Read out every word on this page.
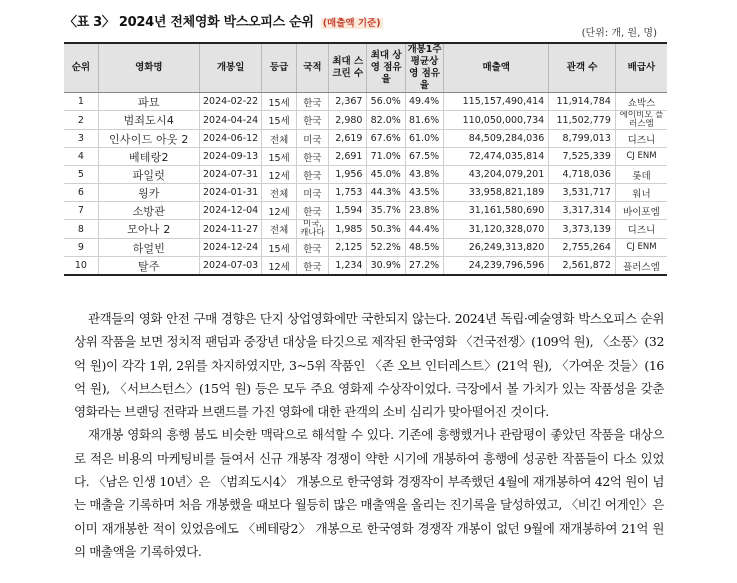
〈표 3〉 2024년 전체영화 박스오피스 순위 (매출액 기준)
(단위: 개, 원, 명)
순위	영화명	개봉일	등급	국적	최대 스크린 수	최대 상영 점유율	개봉1주 평균상영 점유율	매출액	관객 수	배급사
1	파묘	2024-02-22	15세	한국	2,367	56.0%	49.4%	115,157,490,414	11,914,784	쇼박스
2	범죄도시4	2024-04-24	15세	한국	2,980	82.0%	81.6%	110,050,000,734	11,502,779	에이비오 플러스엠
3	인사이드 아웃 2	2024-06-12	전체	미국	2,619	67.6%	61.0%	84,509,284,036	8,799,013	디즈니
4	베테랑2	2024-09-13	15세	한국	2,691	71.0%	67.5%	72,474,035,814	7,525,339	CJ ENM
5	파일럿	2024-07-31	12세	한국	1,956	45.0%	43.8%	43,204,079,201	4,718,036	롯데
6	웡카	2024-01-31	전체	미국	1,753	44.3%	43.5%	33,958,821,189	3,531,717	워너
7	소방관	2024-12-04	12세	한국	1,594	35.7%	23.8%	31,161,580,690	3,317,314	바이포엠
8	모아나 2	2024-11-27	전체	미국, 캐나다	1,985	50.3%	44.4%	31,120,328,070	3,373,139	디즈니
9	하얼빈	2024-12-24	15세	한국	2,125	52.2%	48.5%	26,249,313,820	2,755,264	CJ ENM
10	탈주	2024-07-03	12세	한국	1,234	30.9%	27.2%	24,239,796,596	2,561,872	플러스엠

관객들의 영화 안전 구매 경향은 단지 상업영화에만 국한되지 않는다. 2024년 독립·예술영화 박스오피스 순위 상위 작품을 보면 정치적 팬덤과 중장년 대상을 타깃으로 제작된 한국영화 〈건국전쟁〉(109억 원), 〈소풍〉(32억 원)이 각각 1위, 2위를 차지하였지만, 3~5위 작품인 〈존 오브 인터레스트〉(21억 원), 〈가여운 것들〉(16억 원), 〈서브스턴스〉(15억 원) 등은 모두 주요 영화제 수상작이었다. 극장에서 볼 가치가 있는 작품성을 갖춘 영화라는 브랜딩 전략과 브랜드를 가진 영화에 대한 관객의 소비 심리가 맞아떨어진 것이다.

재개봉 영화의 흥행 붐도 비슷한 맥락으로 해석할 수 있다. 기존에 흥행했거나 관람평이 좋았던 작품을 대상으로 적은 비용의 마케팅비를 들여서 신규 개봉작 경쟁이 약한 시기에 개봉하여 흥행에 성공한 작품들이 다소 있었다. 〈남은 인생 10년〉은 〈범죄도시4〉 개봉으로 한국영화 경쟁작이 부족했던 4월에 재개봉하여 42억 원이 넘는 매출을 기록하며 처음 개봉했을 때보다 월등히 많은 매출액을 올리는 진기록을 달성하였고, 〈비긴 어게인〉은 이미 재개봉한 적이 있었음에도 〈베테랑2〉 개봉으로 한국영화 경쟁작 개봉이 없던 9월에 재개봉하여 21억 원의 매출액을 기록하였다.
